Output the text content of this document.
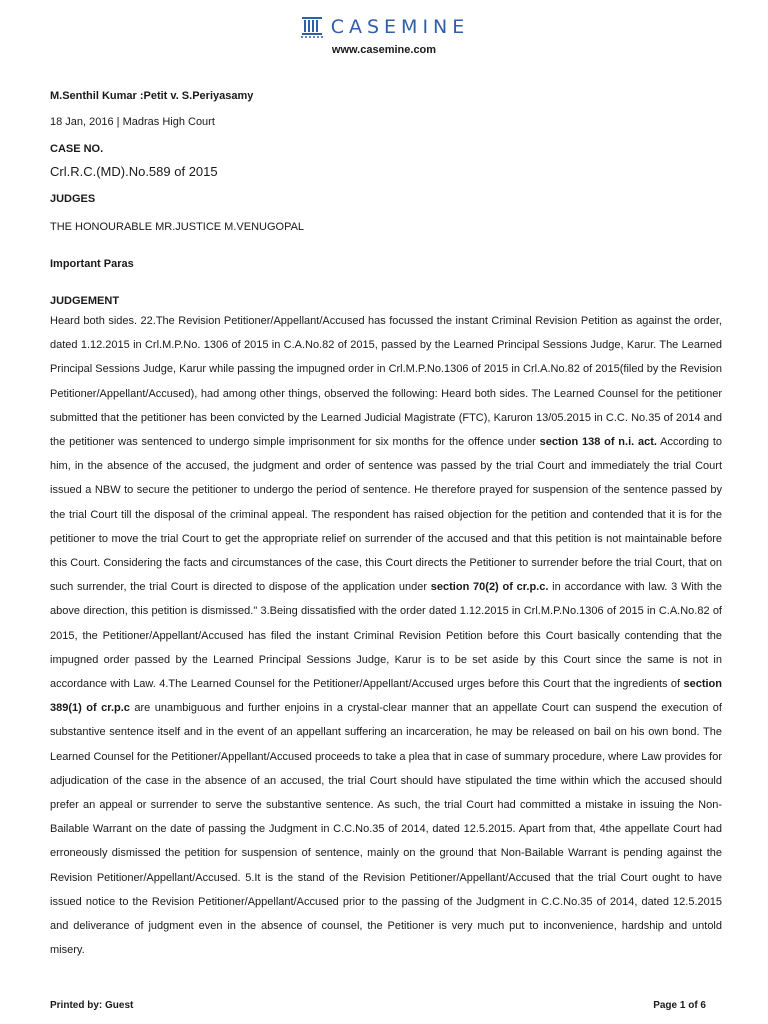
CASEMINE
www.casemine.com
M.Senthil Kumar :Petit v. S.Periyasamy
18 Jan, 2016 | Madras High Court
CASE NO.
Crl.R.C.(MD).No.589 of 2015
JUDGES
THE HONOURABLE MR.JUSTICE M.VENUGOPAL
Important Paras
JUDGEMENT
Heard both sides. 22.The Revision Petitioner/Appellant/Accused has focussed the instant Criminal Revision Petition as against the order, dated 1.12.2015 in Crl.M.P.No. 1306 of 2015 in C.A.No.82 of 2015, passed by the Learned Principal Sessions Judge, Karur. The Learned Principal Sessions Judge, Karur while passing the impugned order in Crl.M.P.No.1306 of 2015 in Crl.A.No.82 of 2015(filed by the Revision Petitioner/Appellant/Accused), had among other things, observed the following: Heard both sides. The Learned Counsel for the petitioner submitted that the petitioner has been convicted by the Learned Judicial Magistrate (FTC), Karuron 13/05.2015 in C.C. No.35 of 2014 and the petitioner was sentenced to undergo simple imprisonment for six months for the offence under section 138 of n.i. act. According to him, in the absence of the accused, the judgment and order of sentence was passed by the trial Court and immediately the trial Court issued a NBW to secure the petitioner to undergo the period of sentence. He therefore prayed for suspension of the sentence passed by the trial Court till the disposal of the criminal appeal. The respondent has raised objection for the petition and contended that it is for the petitioner to move the trial Court to get the appropriate relief on surrender of the accused and that this petition is not maintainable before this Court. Considering the facts and circumstances of the case, this Court directs the Petitioner to surrender before the trial Court, that on such surrender, the trial Court is directed to dispose of the application under section 70(2) of cr.p.c. in accordance with law. 3 With the above direction, this petition is dismissed." 3.Being dissatisfied with the order dated 1.12.2015 in Crl.M.P.No.1306 of 2015 in C.A.No.82 of 2015, the Petitioner/Appellant/Accused has filed the instant Criminal Revision Petition before this Court basically contending that the impugned order passed by the Learned Principal Sessions Judge, Karur is to be set aside by this Court since the same is not in accordance with Law. 4.The Learned Counsel for the Petitioner/Appellant/Accused urges before this Court that the ingredients of section 389(1) of cr.p.c are unambiguous and further enjoins in a crystal-clear manner that an appellate Court can suspend the execution of substantive sentence itself and in the event of an appellant suffering an incarceration, he may be released on bail on his own bond. The Learned Counsel for the Petitioner/Appellant/Accused proceeds to take a plea that in case of summary procedure, where Law provides for adjudication of the case in the absence of an accused, the trial Court should have stipulated the time within which the accused should prefer an appeal or surrender to serve the substantive sentence. As such, the trial Court had committed a mistake in issuing the Non-Bailable Warrant on the date of passing the Judgment in C.C.No.35 of 2014, dated 12.5.2015. Apart from that, 4the appellate Court had erroneously dismissed the petition for suspension of sentence, mainly on the ground that Non-Bailable Warrant is pending against the Revision Petitioner/Appellant/Accused. 5.It is the stand of the Revision Petitioner/Appellant/Accused that the trial Court ought to have issued notice to the Revision Petitioner/Appellant/Accused prior to the passing of the Judgment in C.C.No.35 of 2014, dated 12.5.2015 and deliverance of judgment even in the absence of counsel, the Petitioner is very much put to inconvenience, hardship and untold misery.
Printed by: Guest	Page 1 of 6
